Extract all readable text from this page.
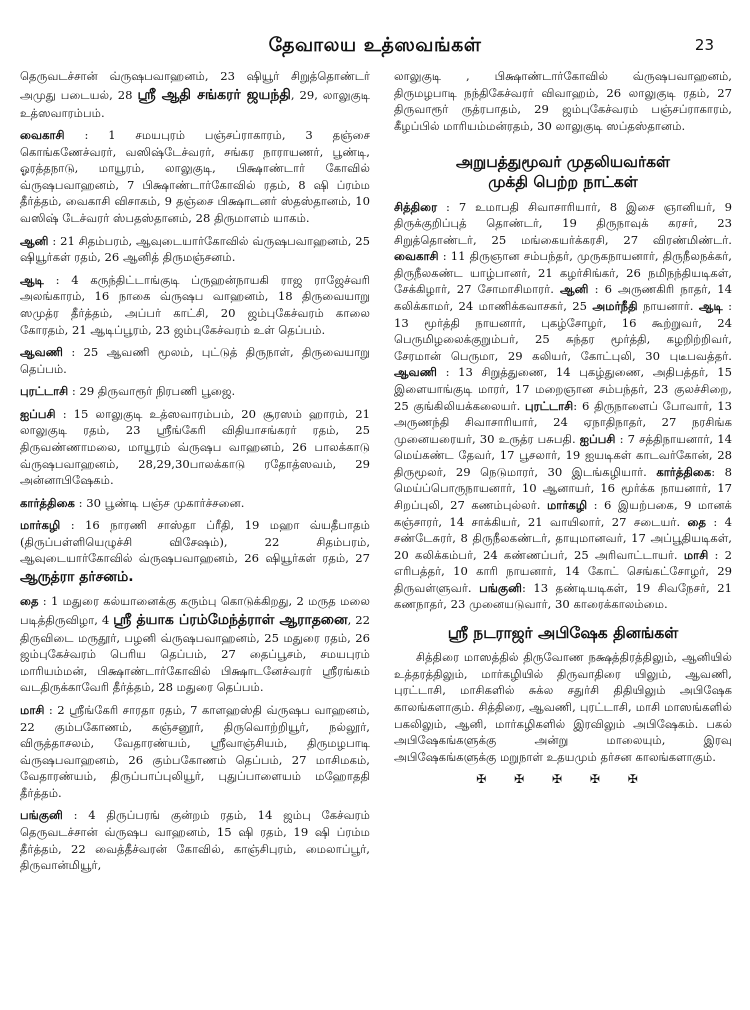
தேவாலய உத்ஸவங்கள்	23

தெருவடச்சான் வ்ருஷபவாஹனம், 23 ஷியூர் சிறுத்தொண்டர் அமுது படையல், 28 ஸ்ரீ ஆதி சங்கரர் ஜயந்தி, 29, லாலுகுடி உத்ஸவாரம்பம்.

வைகாசி : 1 சமயபுரம் பஞ்சப்ராகாரம், 3 தஞ்சை கொங்கணேச்வரர், வஸிஷ்டேச்வரர், சங்கர நாராயணர், பூண்டி, ஓரத்தநாடு, மாயூரம், லாலுகுடி, பிக்ஷாண்டார் கோவில் வ்ருஷபவாஹனம், 7 பிக்ஷாண்டார்கோவில் ரதம், 8 ஷி ப்ரம்ம தீர்த்தம், வைகாசி விசாகம், 9 தஞ்சை பிக்ஷாடனர் ஸ்தஸ்தானம், 10 வஸிஷ் டேச்வரர் ஸ்பதஸ்தானம், 28 திருமாளம் யாகம்.

ஆனி : 21 சிதம்பரம், ஆவுடையார்கோவில் வ்ருஷபவாஹனம், 25 ஷியூர்கள் ரதம், 26 ஆனித் திருமஞ்சனம்.

ஆடி : 4 கருந்திட்டாங்குடி ப்ருஹன்நாயகி ராஜ ராஜேச்வரி அலங்காரம், 16 நாகை வ்ருஷப வாஹனம், 18 திருவையாறு ஸமுத்ர தீர்த்தம், அப்பர் காட்சி, 20 ஜம்புகேச்வரம் காலை கோரதம், 21 ஆடிப்பூரம், 23 ஜம்புகேச்வரம் உள் தெப்பம்.

ஆவணி : 25 ஆவணி மூலம், புட்டுத் திருநாள், திருவையாறு தெப்பம்.

புரட்டாசி : 29 திருவாரூர் நிரபணி பூஜை.

ஐப்பசி : 15 லாலுகுடி உத்ஸவாரம்பம், 20 சூரஸம் ஹாரம், 21 லாலுகுடி ரதம், 23 ஸ்ரீங்கேரி விதியாசங்கரர் ரதம், 25 திருவண்ணாமலை, மாயூரம் வ்ருஷப வாஹனம், 26 பாலக்காடு வ்ருஷபவாஹனம், 28,29,30பாலக்காடு ரதோத்ஸவம், 29 அன்னாபிஷேகம்.

கார்த்திகை : 30 பூண்டி பஞ்ச முகார்ச்சனை.

மார்கழி : 16 நாரணி சாஸ்தா ப்ரீதி, 19 மஹா வ்யதீபாதம் (திருப்பள்ளியெழுச்சி விசேஷம்), 22 சிதம்பரம், ஆவுடையார்கோவில் வ்ருஷபவாஹனம், 26 ஷியூர்கள் ரதம், 27 ஆருத்ரா தர்சனம்.

தை : 1 மதுரை கல்யானைக்கு கரும்பு கொடுக்கிறது, 2 மருத மலை படித்திருவிழா, 4 ஸ்ரீ த்யாக ப்ரம்மேந்த்ராள் ஆராதனை, 22 திருவிடை மருதூர், பழனி வ்ருஷபவாஹனம், 25 மதுரை ரதம், 26 ஜம்புகேச்வரம் பெரிய தெப்பம், 27 தைப்பூசம், சமயபுரம் மாரியம்மன், பிக்ஷாண்டார்கோவில் பிக்ஷாடனேச்வரர் ஸ்ரீரங்கம் வடதிருக்காவேரி தீர்த்தம், 28 மதுரை தெப்பம்.

மாசி : 2 ஸ்ரீங்கேரி சாரதா ரதம், 7 காளஹஸ்தி வ்ருஷப வாஹனம், 22 கும்பகோணம், கஞ்சனூர், திருவொற்றியூர், நல்லூர், விருத்தாசலம், வேதாரண்யம், ஸ்ரீவாஞ்சியம், திருமழபாடி வ்ருஷபவாஹனம், 26 கும்பகோணம் தெப்பம், 27 மாசிமகம், வேதாரண்யம், திருப்பாப்புலியூர், புதுப்பாளையம் மஹோததி தீர்த்தம்.

பங்குனி : 4 திருப்பரங் குன்றம் ரதம், 14 ஜம்பு கேச்வரம் தெருவடச்சான் வ்ருஷப வாஹனம், 15 ஷி ரதம், 19 ஷி ப்ரம்ம தீர்த்தம், 22 வைத்தீச்வரன் கோவில், காஞ்சிபுரம், மைலாப்பூர், திருவான்மியூர்,

லாலுகுடி , பிக்ஷாண்டார்கோவில் வ்ருஷபவாஹனம், திருமழபாடி நந்திகேச்வரர் விவாஹம், 26 லாலுகுடி ரதம், 27 திருவாரூர் ருத்ரபாதம், 29 ஜம்புகேச்வரம் பஞ்சப்ராகாரம், கீழப்பில் மாரியம்மன்ரதம், 30 லாலுகுடி ஸப்தஸ்தானம்.

அறுபத்துமூவர் முதலியவர்கள்
முக்தி பெற்ற நாட்கள்

சித்திரை : 7 உமாபதி சிவாசாரியார், 8 இசை ஞானியர், 9 திருக்குறிப்புத் தொண்டர், 19 திருநாவுக் கரசர், 23 சிறுத்தொண்டர், 25 மங்கையர்க்கரசி, 27 விரண்மிண்டர். வைகாசி : 11 திருஞான சம்பந்தர், முருகநாயனார், திருநீலநக்கர், திருநீலகண்ட யாழ்பானர், 21 கழர்சிங்கர், 26 நமிநந்தியடிகள், சேக்கிழார், 27 சோமாசிமாரர். ஆனி : 6 அருணகிரி நாதர், 14 கலிக்காமர், 24 மாணிக்கவாசகர், 25 அமர்நீதி நாயனார். ஆடி : 13 மூர்த்தி நாயனார், புகழ்சோழர், 16 கூற்றுவர், 24 பெருமிழலைக்குறும்பர், 25 சுந்தர மூர்த்தி, கழறிற்றிவர், சேரமான் பெருமா, 29 கலியர், கோட்புலி, 30 புடீபவத்தர். ஆவணி : 13 சிறுத்துணை, 14 புகழ்துணை, அதிபத்தர், 15 இளையாங்குடி மாரர், 17 மறைஞான சம்பந்தர், 23 குலச்சிறை, 25 குங்கிலியக்கலையர். புரட்டாசி: 6 திருநாளைப் போவார், 13 அருணந்தி சிவாசாரியார், 24 ஏநாதிநாதர், 27 நரசிங்க முனையரையர், 30 உருத்ர பசுபதி. ஐப்பசி : 7 சத்திநாயனார், 14 மெய்கண்ட தேவர், 17 பூசலார், 19 ஐயடிகள் காடவர்கோன், 28 திருமூலர், 29 நெடுமாரர், 30 இடங்கழியார். கார்த்திகை: 8 மெய்ப்பொருநாயனார், 10 ஆனாயர், 16 மூர்க்க நாயனார், 17 சிறப்புலி, 27 கணம்புல்லர். மார்கழி : 6 இயற்பகை, 9 மானக் கஞ்சாரர், 14 சாக்கியர், 21 வாயிலார், 27 சடையர். தை : 4 சண்டேசுரர், 8 திருநீலகண்டர், தாயுமானவர், 17 அப்பூதியடிகள், 20 கலிக்கம்பர், 24 கண்ணப்பர், 25 அரிவாட்டாயர். மாசி : 2 எரிபத்தர், 10 காரி நாயனார், 14 கோட் செங்கட்சோழர், 29 திருவள்ளுவர். பங்குனி: 13 தண்டியடிகள், 19 சிவநேசர், 21 கணநாதர், 23 முனையடுவார், 30 காரைக்காலம்மை.

ஸ்ரீ நடராஜர் அபிஷேக தினங்கள்

சித்திரை மாஸத்தில் திருவோண நக்ஷத்திரத்திலும், ஆனியில் உத்தரத்திலும், மார்கழியில் திருவாதிரை யிலும், ஆவணி, புரட்டாசி, மாசிகளில் சுக்ல சதுர்சி திதியிலும் அபிஷேக காலங்களாகும். சித்திரை, ஆவணி, புரட்டாசி, மாசி மாஸங்களில் பகலிலும், ஆனி, மார்கழிகளில் இரவிலும் அபிஷேகம். பகல் அபிஷேகங்களுக்கு அன்று மாலையும், இரவு அபிஷேகங்களுக்கு மறுநாள் உதயமும் தர்சன காலங்களாகும்.

✠ ✠ ✠ ✠ ✠
